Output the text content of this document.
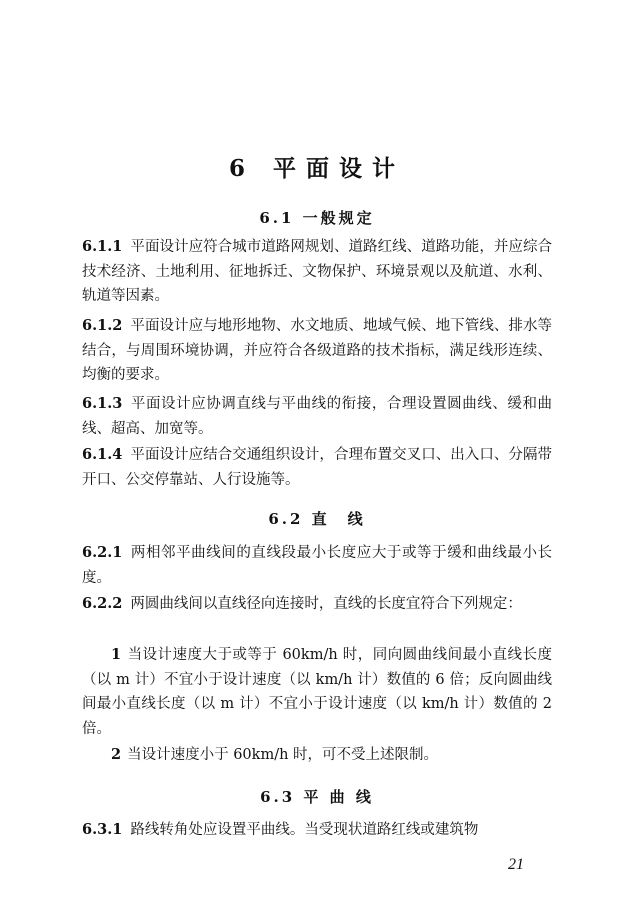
6 平面设计
6.1 一般规定
6.1.1 平面设计应符合城市道路网规划、道路红线、道路功能，并应综合技术经济、土地利用、征地拆迁、文物保护、环境景观以及航道、水利、轨道等因素。
6.1.2 平面设计应与地形地物、水文地质、地域气候、地下管线、排水等结合，与周围环境协调，并应符合各级道路的技术指标，满足线形连续、均衡的要求。
6.1.3 平面设计应协调直线与平曲线的衔接，合理设置圆曲线、缓和曲线、超高、加宽等。
6.1.4 平面设计应结合交通组织设计，合理布置交叉口、出入口、分隔带开口、公交停靠站、人行设施等。
6.2 直　线
6.2.1 两相邻平曲线间的直线段最小长度应大于或等于缓和曲线最小长度。
6.2.2 两圆曲线间以直线径向连接时，直线的长度宜符合下列规定：
1 当设计速度大于或等于 60km/h 时，同向圆曲线间最小直线长度（以 m 计）不宜小于设计速度（以 km/h 计）数值的 6 倍；反向圆曲线间最小直线长度（以 m 计）不宜小于设计速度（以 km/h 计）数值的 2 倍。
2 当设计速度小于 60km/h 时，可不受上述限制。
6.3 平 曲 线
6.3.1 路线转角处应设置平曲线。当受现状道路红线或建筑物
21
